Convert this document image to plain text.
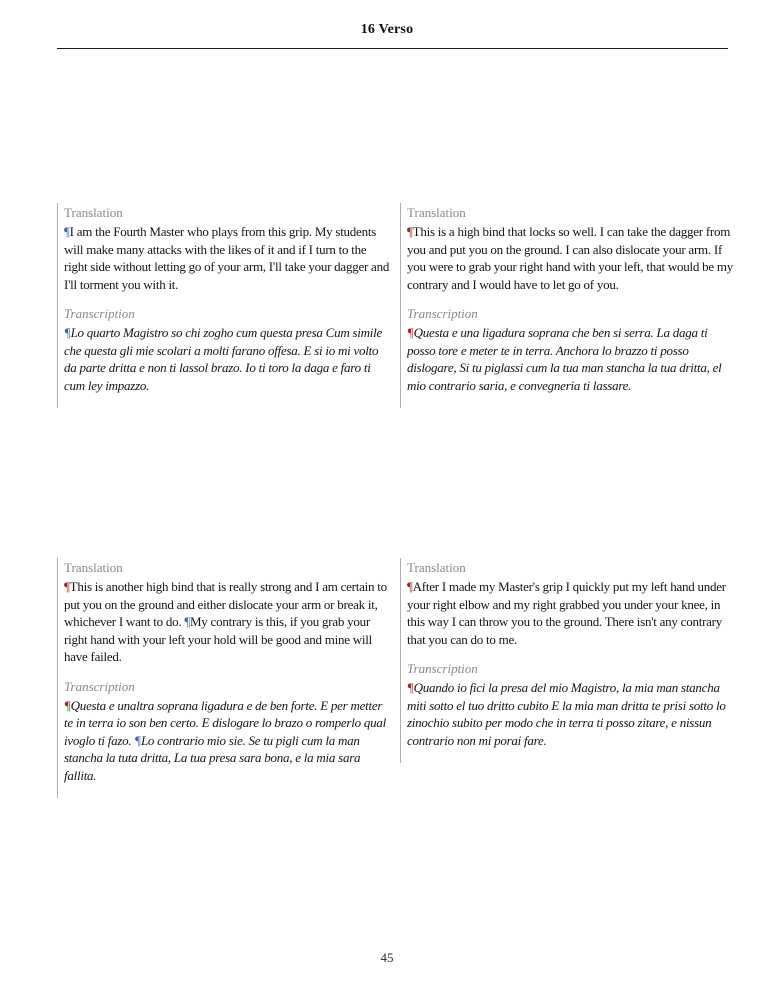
16 Verso
Translation

¶I am the Fourth Master who plays from this grip. My students will make many attacks with the likes of it and if I turn to the right side without letting go of your arm, I'll take your dagger and I'll torment you with it.

Transcription

¶Lo quarto Magistro so chi zogho cum questa presa Cum simile che questa gli mie scolari a molti farano offesa. E si io mi volto da parte dritta e non ti lassol brazo. Io ti toro la daga e faro ti cum ley impazzo.

Translation

¶This is a high bind that locks so well. I can take the dagger from you and put you on the ground. I can also dislocate your arm. If you were to grab your right hand with your left, that would be my contrary and I would have to let go of you.

Transcription

¶Questa e una ligadura soprana che ben si serra. La daga ti posso tore e meter te in terra. Anchora lo brazzo ti posso dislogare, Si tu piglassi cum la tua man stancha la tua dritta, el mio contrario saria, e convegneria ti lassare.

Translation

¶This is another high bind that is really strong and I am certain to put you on the ground and either dislocate your arm or break it, whichever I want to do. ¶My contrary is this, if you grab your right hand with your left your hold will be good and mine will have failed.

Transcription

¶Questa e unaltra soprana ligadura e de ben forte. E per metter te in terra io son ben certo. E dislogare lo brazo o romperlo qual ivoglo ti fazo. ¶Lo contrario mio sie. Se tu pigli cum la man stancha la tuta dritta, La tua presa sara bona, e la mia sara fallita.

Translation

¶After I made my Master's grip I quickly put my left hand under your right elbow and my right grabbed you under your knee, in this way I can throw you to the ground. There isn't any contrary that you can do to me.

Transcription

¶Quando io fici la presa del mio Magistro, la mia man stancha miti sotto el tuo dritto cubito E la mia man dritta te prisi sotto lo zinochio subito per modo che in terra ti posso zitare, e nissun contrario non mi porai fare.

45
